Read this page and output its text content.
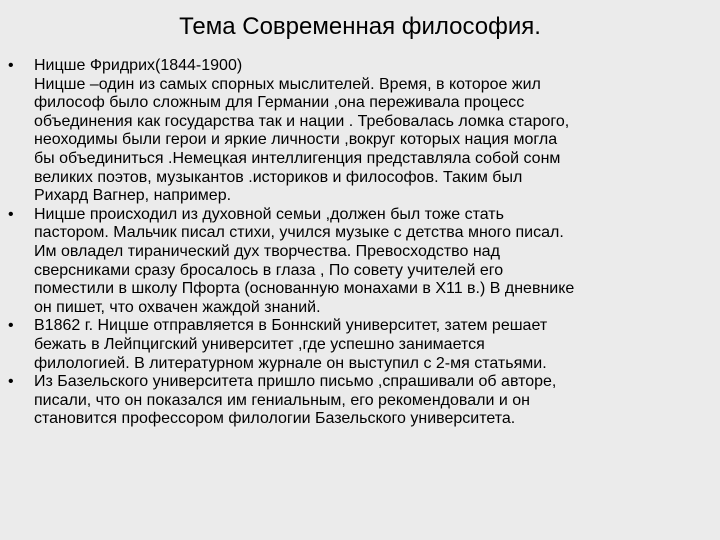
Тема Современная философия.
•	Ницше Фридрих(1844-1900)
Ницше –один из самых спорных мыслителей. Время, в которое жил
философ было сложным для Германии ,она переживала процесс
объединения как государства так и нации . Требовалась ломка старого,
неоходимы были герои и яркие личности ,вокруг которых нация могла
бы объединиться .Немецкая интеллигенция представляла собой сонм
великих поэтов, музыкантов .историков и философов. Таким был
Рихард Вагнер, например.
•	Ницше происходил из духовной семьи ,должен был тоже стать
пастором. Мальчик писал стихи, учился музыке с детства много писал.
Им овладел тиранический дух творчества. Превосходство над
сверсниками сразу бросалось в глаза , По совету учителей его
поместили в школу Пфорта (основанную монахами в Х11 в.) В дневнике
он пишет, что охвачен жаждой знаний.
•	В1862 г. Ницше отправляется в Боннский университет, затем решает
бежать в Лейпцигский университет ,где успешно занимается
филологией. В литературном журнале он выступил с 2-мя статьями.
•	Из Базельского университета пришло письмо ,спрашивали об авторе,
писали, что он показался им гениальным, его рекомендовали и он
становится профессором филологии Базельского университета.
